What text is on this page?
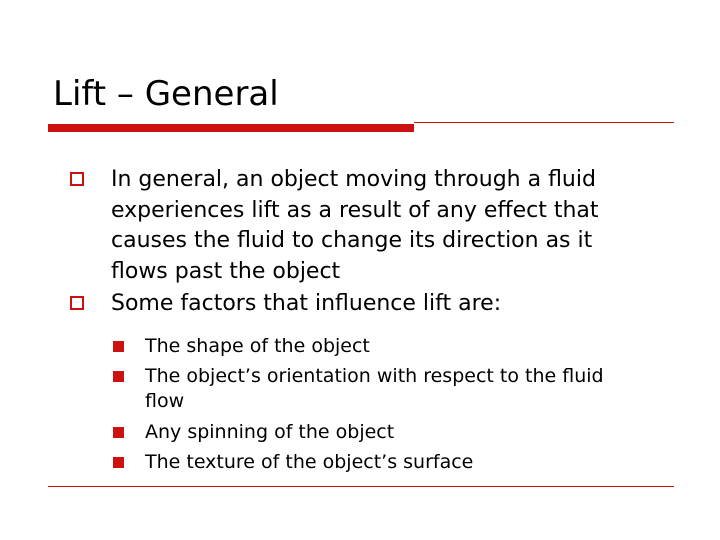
Lift – General
In general, an object moving through a fluid
experiences lift as a result of any effect that
causes the fluid to change its direction as it
flows past the object
Some factors that influence lift are:
The shape of the object
The object’s orientation with respect to the fluid
flow
Any spinning of the object
The texture of the object’s surface
